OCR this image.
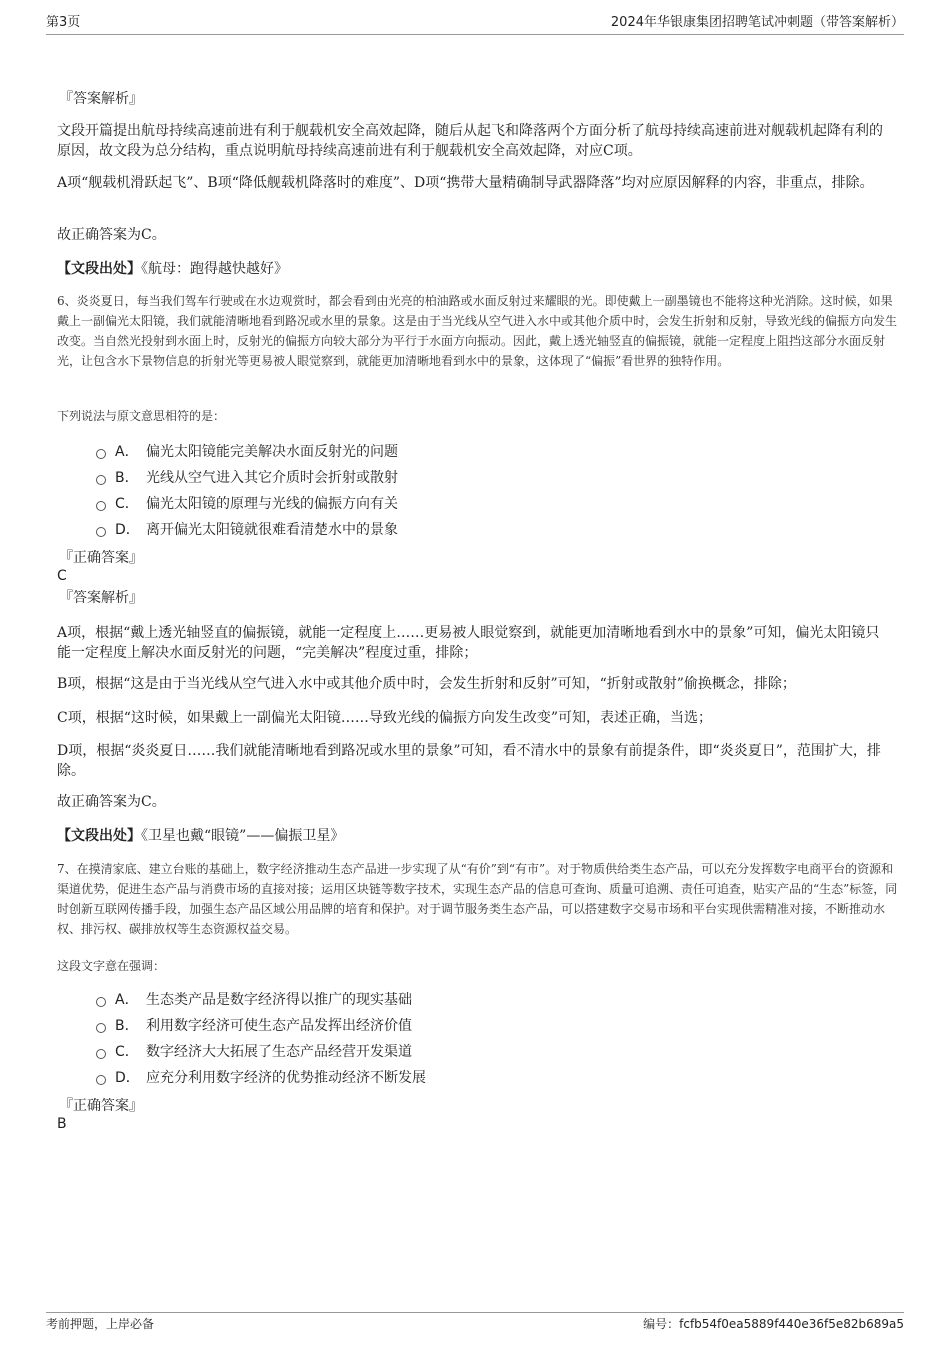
第3页	2024年华银康集团招聘笔试冲刺题（带答案解析）
『答案解析』
文段开篇提出航母持续高速前进有利于舰载机安全高效起降，随后从起飞和降落两个方面分析了航母持续高速前进对舰载机起降有利的原因，故文段为总分结构，重点说明航母持续高速前进有利于舰载机安全高效起降，对应C项。
A项“舰载机滑跃起飞”、B项“降低舰载机降落时的难度”、D项“携带大量精确制导武器降落”均对应原因解释的内容，非重点，排除。
故正确答案为C。
【文段出处】《航母：跑得越快越好》
6、炎炎夏日，每当我们驾车行驶或在水边观赏时，都会看到由光亮的柏油路或水面反射过来耀眼的光。即使戴上一副墨镜也不能将这种光消除。这时候，如果戴上一副偏光太阳镜，我们就能清晰地看到路况或水里的景象。这是由于当光线从空气进入水中或其他介质中时，会发生折射和反射，导致光线的偏振方向发生改变。当自然光投射到水面上时，反射光的偏振方向较大部分为平行于水面方向振动。因此，戴上透光轴竖直的偏振镜，就能一定程度上阻挡这部分水面反射光，让包含水下景物信息的折射光等更易被人眼觉察到，就能更加清晰地看到水中的景象，这体现了“偏振”看世界的独特作用。
下列说法与原文意思相符的是：
A． 偏光太阳镜能完美解决水面反射光的问题
B． 光线从空气进入其它介质时会折射或散射
C． 偏光太阳镜的原理与光线的偏振方向有关
D． 离开偏光太阳镜就很难看清楚水中的景象
『正确答案』
C
『答案解析』
A项，根据“戴上透光轴竖直的偏振镜，就能一定程度上……更易被人眼觉察到，就能更加清晰地看到水中的景象”可知，偏光太阳镜只能一定程度上解决水面反射光的问题，“完美解决”程度过重，排除；
B项，根据“这是由于当光线从空气进入水中或其他介质中时，会发生折射和反射”可知，“折射或散射”偷换概念，排除；
C项，根据“这时候，如果戴上一副偏光太阳镜……导致光线的偏振方向发生改变”可知，表述正确，当选；
D项，根据“炎炎夏日……我们就能清晰地看到路况或水里的景象”可知，看不清水中的景象有前提条件，即“炎炎夏日”，范围扩大，排除。
故正确答案为C。
【文段出处】《卫星也戴“眼镜”——偏振卫星》
7、在摸清家底、建立台账的基础上，数字经济推动生态产品进一步实现了从“有价”到“有市”。对于物质供给类生态产品，可以充分发挥数字电商平台的资源和渠道优势，促进生态产品与消费市场的直接对接；运用区块链等数字技术，实现生态产品的信息可查询、质量可追溯、责任可追查，贴实产品的“生态”标签，同时创新互联网传播手段，加强生态产品区域公用品牌的培育和保护。对于调节服务类生态产品，可以搭建数字交易市场和平台实现供需精准对接，不断推动水权、排污权、碳排放权等生态资源权益交易。
这段文字意在强调：
A． 生态类产品是数字经济得以推广的现实基础
B． 利用数字经济可使生态产品发挥出经济价值
C． 数字经济大大拓展了生态产品经营开发渠道
D． 应充分利用数字经济的优势推动经济不断发展
『正确答案』
B
考前押题，上岸必备	编号：fcfb54f0ea5889f440e36f5e82b689a5
